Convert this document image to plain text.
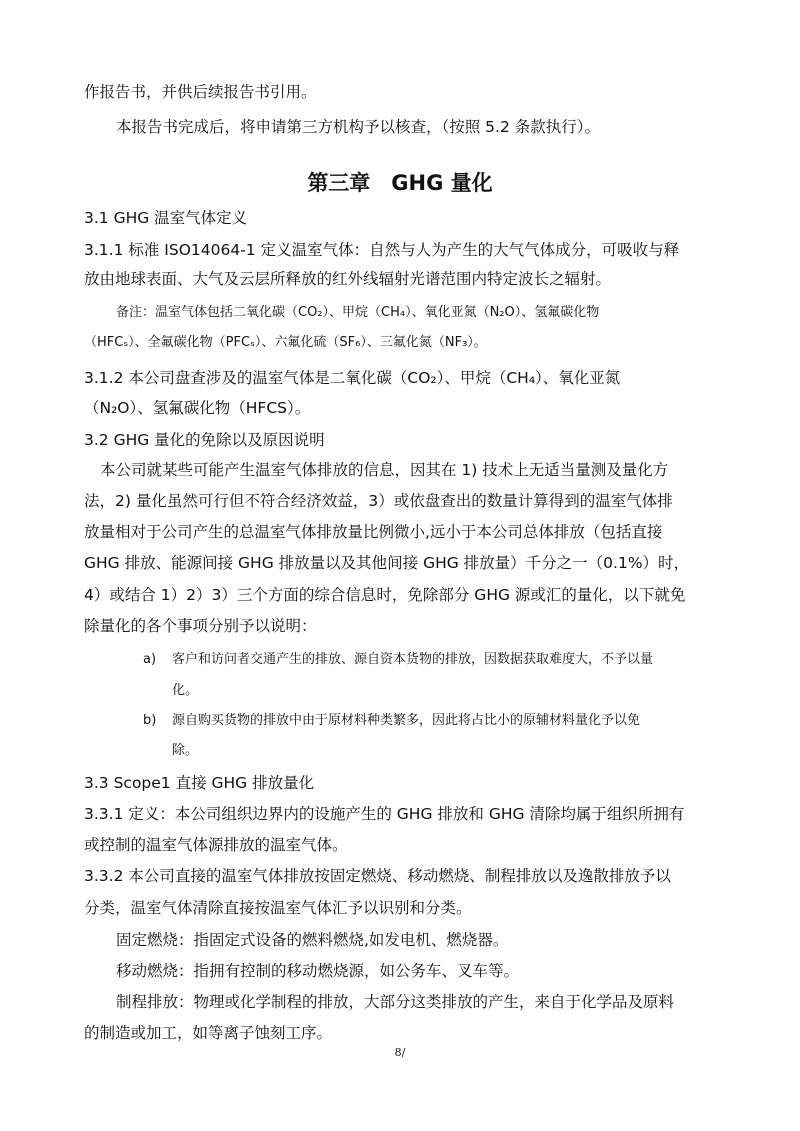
作报告书，并供后续报告书引用。
本报告书完成后，将申请第三方机构予以核查，（按照 5.2 条款执行）。
第三章　GHG 量化
3.1 GHG 温室气体定义
3.1.1 标准 ISO14064-1 定义温室气体：自然与人为产生的大气气体成分，可吸收与释
放由地球表面、大气及云层所释放的红外线辐射光谱范围内特定波长之辐射。
备注：温室气体包括二氧化碳（CO₂）、甲烷（CH₄）、氧化亚氮（N₂O）、氢氟碳化物
（HFCₛ）、全氟碳化物（PFCₛ）、六氟化硫（SF₆）、三氟化氮（NF₃）。
3.1.2 本公司盘查涉及的温室气体是二氧化碳（CO₂）、甲烷（CH₄）、氧化亚氮
（N₂O）、氢氟碳化物（HFCS）。
3.2 GHG 量化的免除以及原因说明
本公司就某些可能产生温室气体排放的信息，因其在 1) 技术上无适当量测及量化方
法，2) 量化虽然可行但不符合经济效益，3）或依盘查出的数量计算得到的温室气体排
放量相对于公司产生的总温室气体排放量比例微小,远小于本公司总体排放（包括直接
GHG 排放、能源间接 GHG 排放量以及其他间接 GHG 排放量）千分之一（0.1%）时，
4）或结合 1）2）3）三个方面的综合信息时，免除部分 GHG 源或汇的量化，以下就免
除量化的各个事项分别予以说明：
a) 客户和访问者交通产生的排放、源自资本货物的排放，因数据获取难度大，不予以量
化。
b) 源自购买货物的排放中由于原材料种类繁多，因此将占比小的原辅材料量化予以免
除。
3.3 Scope1 直接 GHG 排放量化
3.3.1 定义：本公司组织边界内的设施产生的 GHG 排放和 GHG 清除均属于组织所拥有
或控制的温室气体源排放的温室气体。
3.3.2 本公司直接的温室气体排放按固定燃烧、移动燃烧、制程排放以及逸散排放予以
分类，温室气体清除直接按温室气体汇予以识别和分类。
固定燃烧：指固定式设备的燃料燃烧,如发电机、燃烧器。
移动燃烧：指拥有控制的移动燃烧源，如公务车、叉车等。
制程排放：物理或化学制程的排放，大部分这类排放的产生，来自于化学品及原料
的制造或加工，如等离子蚀刻工序。
8/
